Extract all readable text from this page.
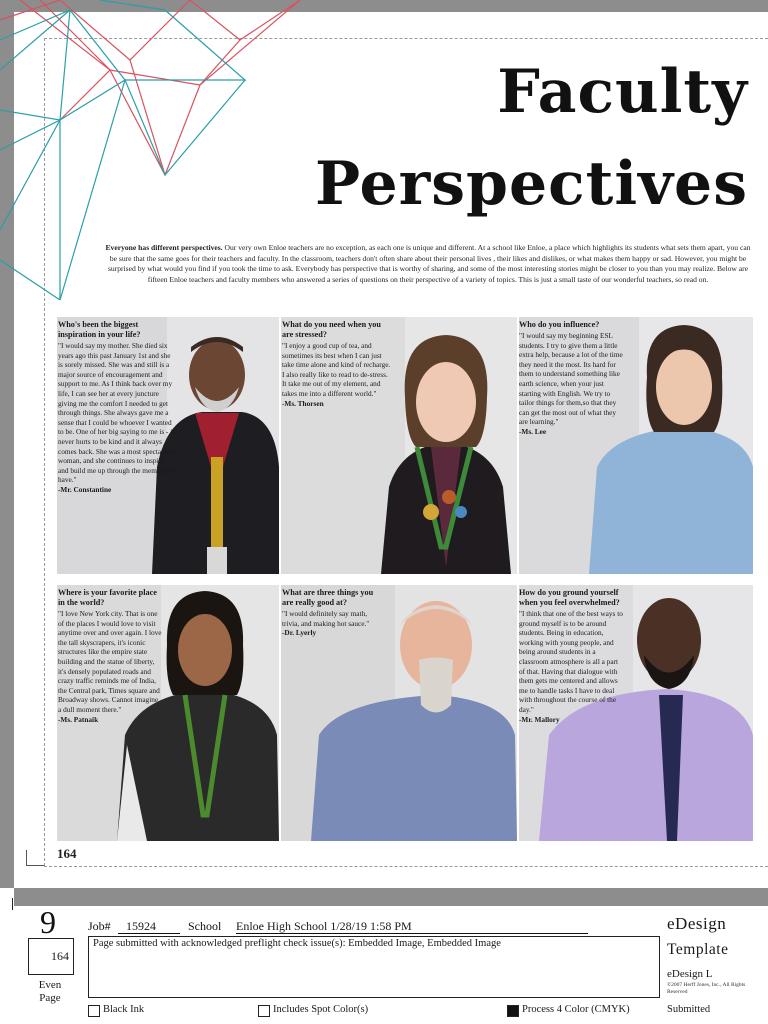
Faculty
Perspectives
Everyone has different perspectives. Our very own Enloe teachers are no exception, as each one is unique and different. At a school like Enloe, a place which highlights its students what sets them apart, you can be sure that the same goes for their teachers and faculty. In the classroom, teachers don't often share about their personal lives , their likes and dislikes, or what makes them happy or sad. However, you might be surprised by what would you find if you took the time to ask. Everybody has perspective that is worthy of sharing, and some of the most interesting stories might be closer to you than you may realize. Below are fifteen Enloe teachers and faculty members who answered a series of questions on their perspective of a variety of topics. This is just a small taste of our wonderful teachers, so read on.
Who's been the biggest inspiration in your life?
"I would say my mother. She died six years ago this past January 1st and she is sorely missed. She was and still is a major source of encouragement and support to me. As I think back over my life, I can see her at every juncture giving me the comfort I needed to get through things. She always gave me a sense that I could be whoever I wanted to be. One of her big saying to me is - it never hurts to be kind and it always comes back. She was a most spectacular woman, and she continues to inspire and build me up through the memories I have."
-Mr. Constantine
What do you need when you are stressed?
"I enjoy a good cup of tea, and sometimes its best when I can just take time alone and kind of recharge. I also really like to read to de-stress. It take me out of my element, and takes me into a different world."
-Ms. Thorsen
Who do you influence?
"I would say my beginning ESL students. I try to give them a little extra help, because a lot of the time they need it the most. Its hard for them to understand something like earth science, when your just starting with English. We try to tailor things for them,so that they can get the most out of what they are learning."
-Ms. Lee
Where is your favorite place in the world?
"I love New York city. That is one of the places I would love to visit anytime over and over again. I love the tall skyscrapers, it's iconic structures like the empire state building and the statue of liberty, it's densely populated roads and crazy traffic reminds me of India, the Central park, Times square and Broadway shows. Cannot imagine a dull moment there."
-Ms. Patnaik
What are three things you are really good at?
"I would definitely say math, trivia, and making hot sauce."
-Dr. Lyerly
How do you ground yourself when you feel overwhelmed?
"I think that one of the best ways to ground myself is to be around students. Being in education, working with young people, and being around students in a classroom atmosphere is all a part of that. Having that dialogue with them gets me centered and allows me to handle tasks I have to deal with throughout the course of the day."
-Mr. Mallory
164
9
164
Even Page
Job#	15924	School Enloe High School 1/28/19 1:58 PM
Page submitted with acknowledged preflight check issue(s): Embedded Image, Embedded Image
eDesign
Template
eDesign L
©2007 Herff Jones, Inc., All Rights Reserved
Black Ink	Includes Spot Color(s)	Process 4 Color (CMYK)	Submitted
